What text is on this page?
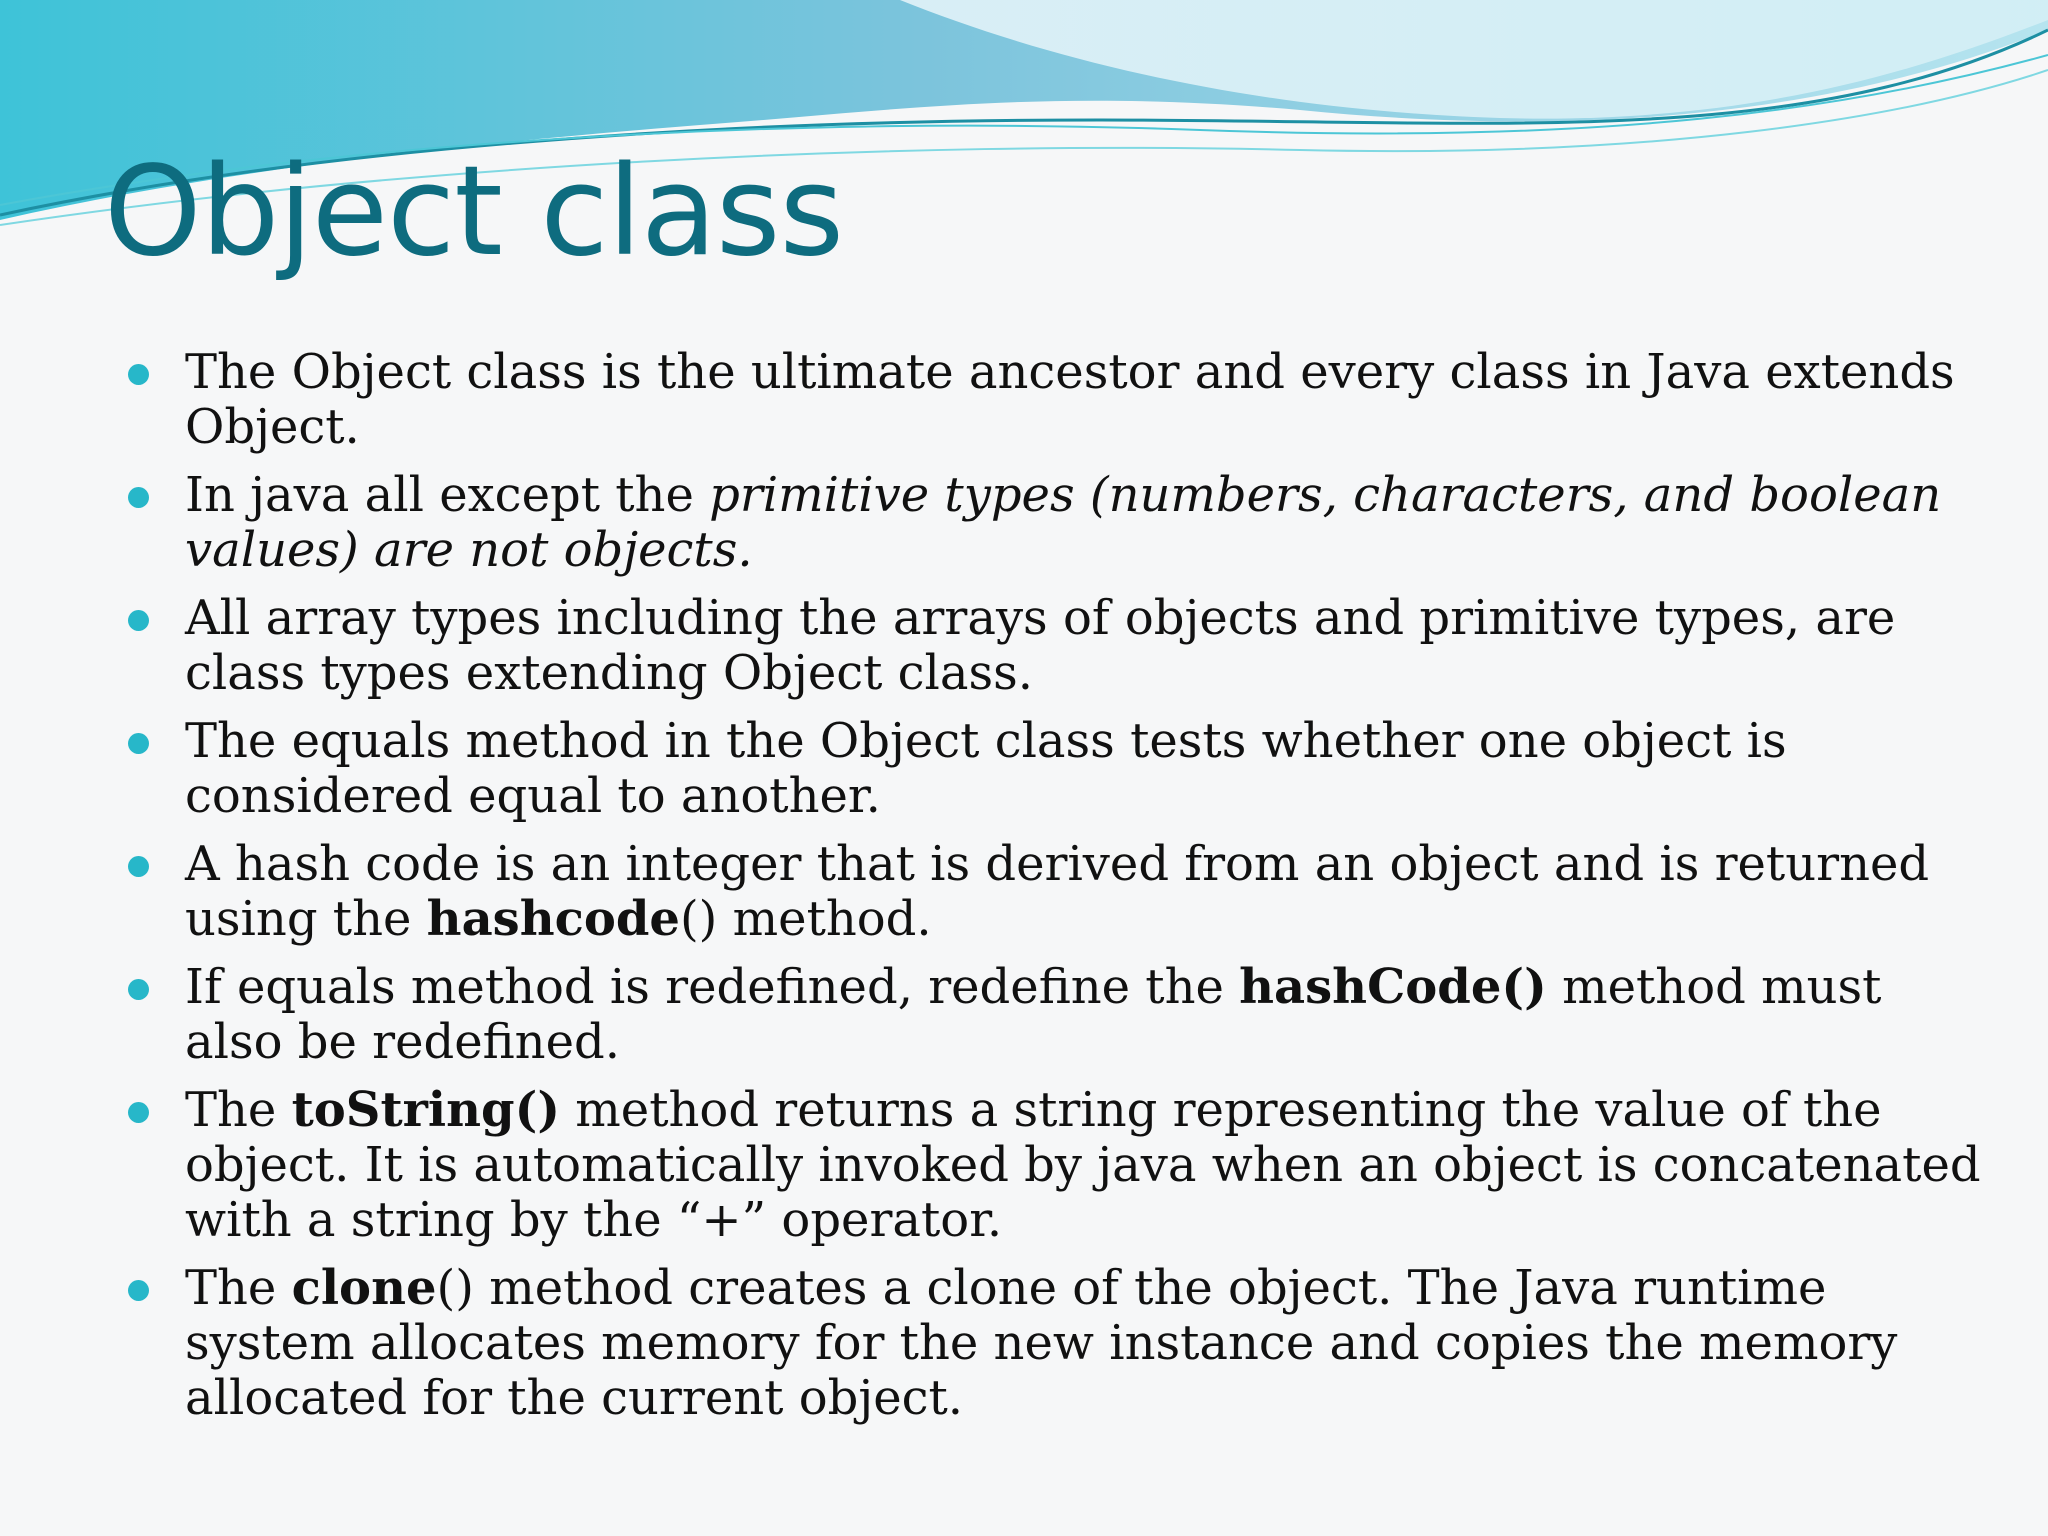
Object class
The Object class is the ultimate ancestor and every class in Java extends Object.
In java all except the primitive types (numbers, characters, and boolean values) are not objects.
All array types including the arrays of objects and primitive types, are class types extending Object class.
The equals method in the Object class tests whether one object is considered equal to another.
A hash code is an integer that is derived from an object and is returned using the hashcode() method.
If equals method is redefined, redefine the hashCode() method must also be redefined.
The toString() method returns a string representing the value of the object. It is automatically invoked by java when an object is concatenated with a string by the “+” operator.
The clone() method creates a clone of the object. The Java runtime system allocates memory for the new instance and copies the memory allocated for the current object.
